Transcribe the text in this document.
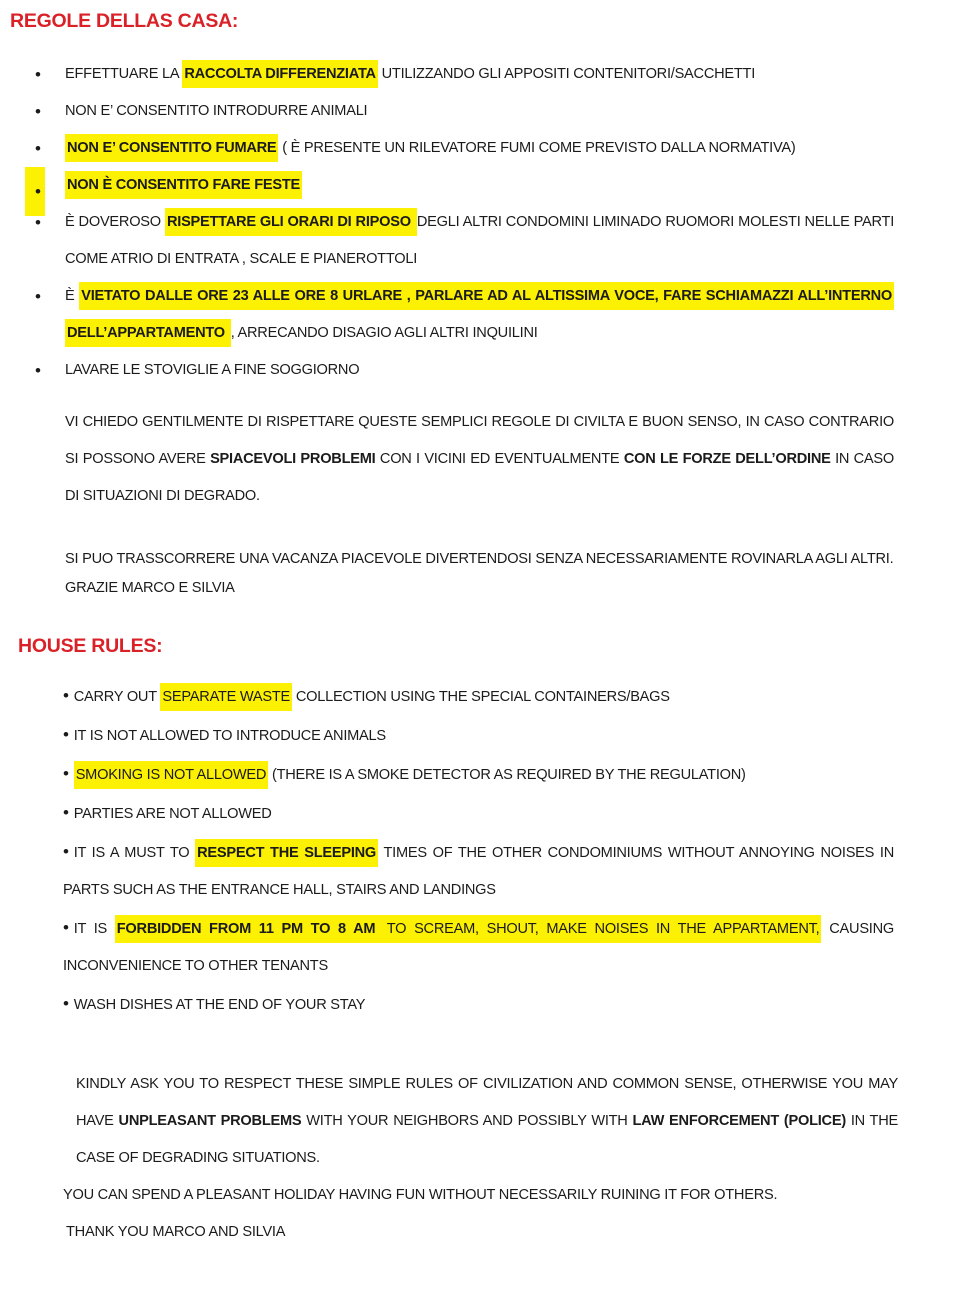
REGOLE DELLAS CASA:
• EFFETTUARE LA RACCOLTA DIFFERENZIATA UTILIZZANDO GLI APPOSITI CONTENITORI/SACCHETTI
• NON E’ CONSENTITO INTRODURRE ANIMALI
• NON E’ CONSENTITO FUMARE ( È PRESENTE UN RILEVATORE FUMI COME PREVISTO DALLA NORMATIVA)
• NON È CONSENTITO FARE FESTE
• È DOVEROSO RISPETTARE GLI ORARI DI RIPOSO DEGLI ALTRI CONDOMINI LIMINADO RUOMORI MOLESTI NELLE PARTI COME ATRIO DI ENTRATA , SCALE E PIANEROTTOLI
• È VIETATO DALLE ORE 23 ALLE ORE 8 URLARE , PARLARE AD AL ALTISSIMA VOCE, FARE SCHIAMAZZI ALL’INTERNO DELL’APPARTAMENTO , ARRECANDO DISAGIO AGLI ALTRI INQUILINI
• LAVARE LE STOVIGLIE A FINE SOGGIORNO
VI CHIEDO GENTILMENTE DI RISPETTARE QUESTE SEMPLICI REGOLE DI CIVILTA E BUON SENSO, IN CASO CONTRARIO SI POSSONO AVERE SPIACEVOLI PROBLEMI CON I VICINI ED EVENTUALMENTE CON LE FORZE DELL’ORDINE IN CASO DI SITUAZIONI DI DEGRADO.
SI PUO TRASSCORRERE UNA VACANZA PIACEVOLE DIVERTENDOSI SENZA NECESSARIAMENTE ROVINARLA AGLI ALTRI.
GRAZIE MARCO E SILVIA
HOUSE RULES:
• CARRY OUT SEPARATE WASTE COLLECTION USING THE SPECIAL CONTAINERS/BAGS
• IT IS NOT ALLOWED TO INTRODUCE ANIMALS
• SMOKING IS NOT ALLOWED (THERE IS A SMOKE DETECTOR AS REQUIRED BY THE REGULATION)
• PARTIES ARE NOT ALLOWED
• IT IS A MUST TO RESPECT THE SLEEPING TIMES OF THE OTHER CONDOMINIUMS WITHOUT ANNOYING NOISES IN PARTS SUCH AS THE ENTRANCE HALL, STAIRS AND LANDINGS
• IT IS FORBIDDEN FROM 11 PM TO 8 AM TO SCREAM, SHOUT, MAKE NOISES IN THE APPARTAMENT, CAUSING INCONVENIENCE TO OTHER TENANTS
• WASH DISHES AT THE END OF YOUR STAY
KINDLY ASK YOU TO RESPECT THESE SIMPLE RULES OF CIVILIZATION AND COMMON SENSE, OTHERWISE YOU MAY HAVE UNPLEASANT PROBLEMS WITH YOUR NEIGHBORS AND POSSIBLY WITH LAW ENFORCEMENT (POLICE) IN THE CASE OF DEGRADING SITUATIONS.
YOU CAN SPEND A PLEASANT HOLIDAY HAVING FUN WITHOUT NECESSARILY RUINING IT FOR OTHERS.
THANK YOU MARCO AND SILVIA
